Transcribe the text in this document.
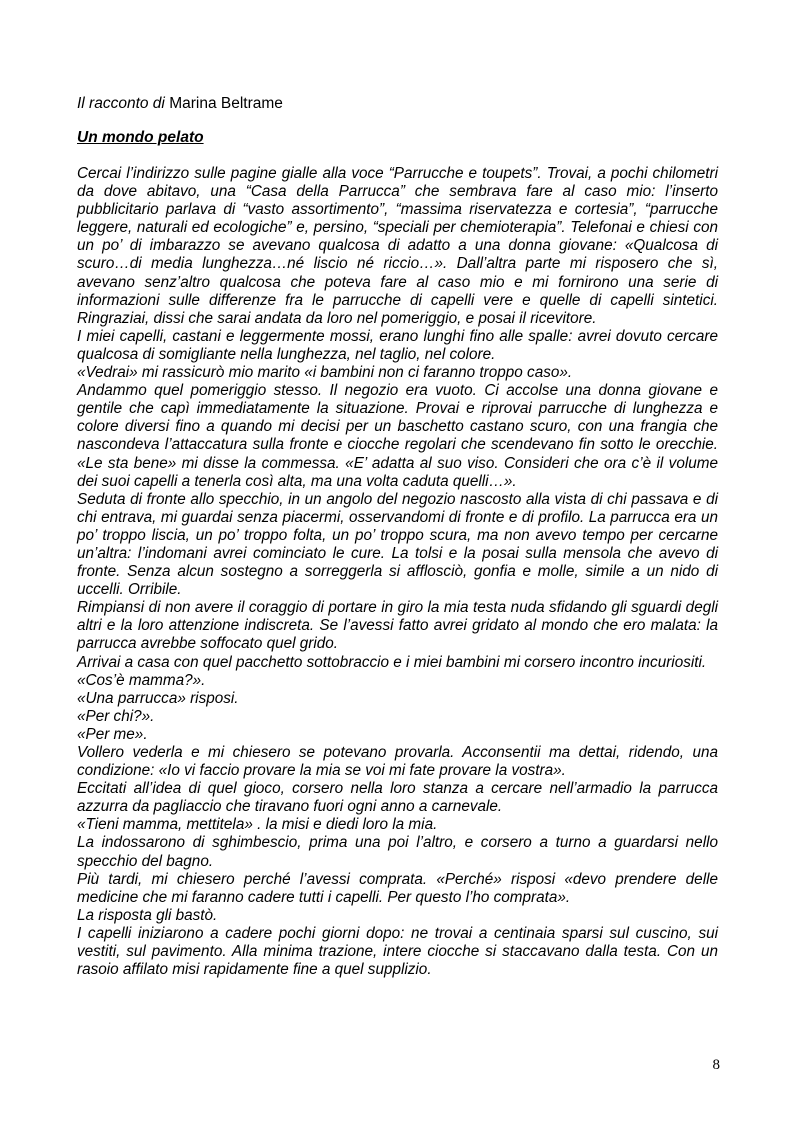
Il racconto di Marina Beltrame

Un mondo pelato

Cercai l’indirizzo sulle pagine gialle alla voce “Parrucche e toupets”. Trovai, a pochi chilometri da dove abitavo, una “Casa della Parrucca” che sembrava fare al caso mio: l’inserto pubblicitario parlava di “vasto assortimento”, “massima riservatezza e cortesia”, “parrucche leggere, naturali ed ecologiche” e, persino, “speciali per chemioterapia”. Telefonai e chiesi con un po’ di imbarazzo se avevano qualcosa di adatto a una donna giovane: «Qualcosa di scuro…di media lunghezza…né liscio né riccio…». Dall’altra parte mi risposero che sì, avevano senz’altro qualcosa che poteva fare al caso mio e mi fornirono una serie di informazioni sulle differenze fra le parrucche di capelli vere e quelle di capelli sintetici. Ringraziai, dissi che sarai andata da loro nel pomeriggio, e posai il ricevitore.

I miei capelli, castani e leggermente mossi, erano lunghi fino alle spalle: avrei dovuto cercare qualcosa di somigliante nella lunghezza, nel taglio, nel colore.

«Vedrai» mi rassicurò mio marito «i bambini non ci faranno troppo caso».

Andammo quel pomeriggio stesso. Il negozio era vuoto. Ci accolse una donna giovane e gentile che capì immediatamente la situazione. Provai e riprovai parrucche di lunghezza e colore diversi fino a quando mi decisi per un baschetto castano scuro, con una frangia che nascondeva l’attaccatura sulla fronte e ciocche regolari che scendevano fin sotto le orecchie. «Le sta bene» mi disse la commessa. «E’ adatta al suo viso. Consideri che ora c’è il volume dei suoi capelli a tenerla così alta, ma una volta caduta quelli…».

Seduta di fronte allo specchio, in un angolo del negozio nascosto alla vista di chi passava e di chi entrava, mi guardai senza piacermi, osservandomi di fronte e di profilo. La parrucca era un po’ troppo liscia, un po’ troppo folta, un po’ troppo scura, ma non avevo tempo per cercarne un’altra: l’indomani avrei cominciato le cure. La tolsi e la posai sulla mensola che avevo di fronte. Senza alcun sostegno a sorreggerla si afflosciò, gonfia e molle, simile a un nido di uccelli. Orribile.

Rimpiansi di non avere il coraggio di portare in giro la mia testa nuda sfidando gli sguardi degli altri e la loro attenzione indiscreta. Se l’avessi fatto avrei gridato al mondo che ero malata: la parrucca avrebbe soffocato quel grido.

Arrivai a casa con quel pacchetto sottobraccio e i miei bambini mi corsero incontro incuriositi.

«Cos’è mamma?».

«Una parrucca» risposi.

«Per chi?».

«Per me».

Vollero vederla e mi chiesero se potevano provarla. Acconsentii ma dettai, ridendo, una condizione: «Io vi faccio provare la mia se voi mi fate provare la vostra».

Eccitati all’idea di quel gioco, corsero nella loro stanza a cercare nell’armadio la parrucca azzurra da pagliaccio che tiravano fuori ogni anno a carnevale.

«Tieni mamma, mettitela» . la misi e diedi loro la mia.

La indossarono di sghimbescio, prima una poi l’altro, e corsero a turno a guardarsi nello specchio del bagno.

Più tardi, mi chiesero perché l’avessi comprata. «Perché» risposi «devo prendere delle medicine che mi faranno cadere tutti i capelli. Per questo l’ho comprata».

La risposta gli bastò.

I capelli iniziarono a cadere pochi giorni dopo: ne trovai a centinaia sparsi sul cuscino, sui vestiti, sul pavimento. Alla minima trazione, intere ciocche si staccavano dalla testa. Con un rasoio affilato misi rapidamente fine a quel supplizio.

8
